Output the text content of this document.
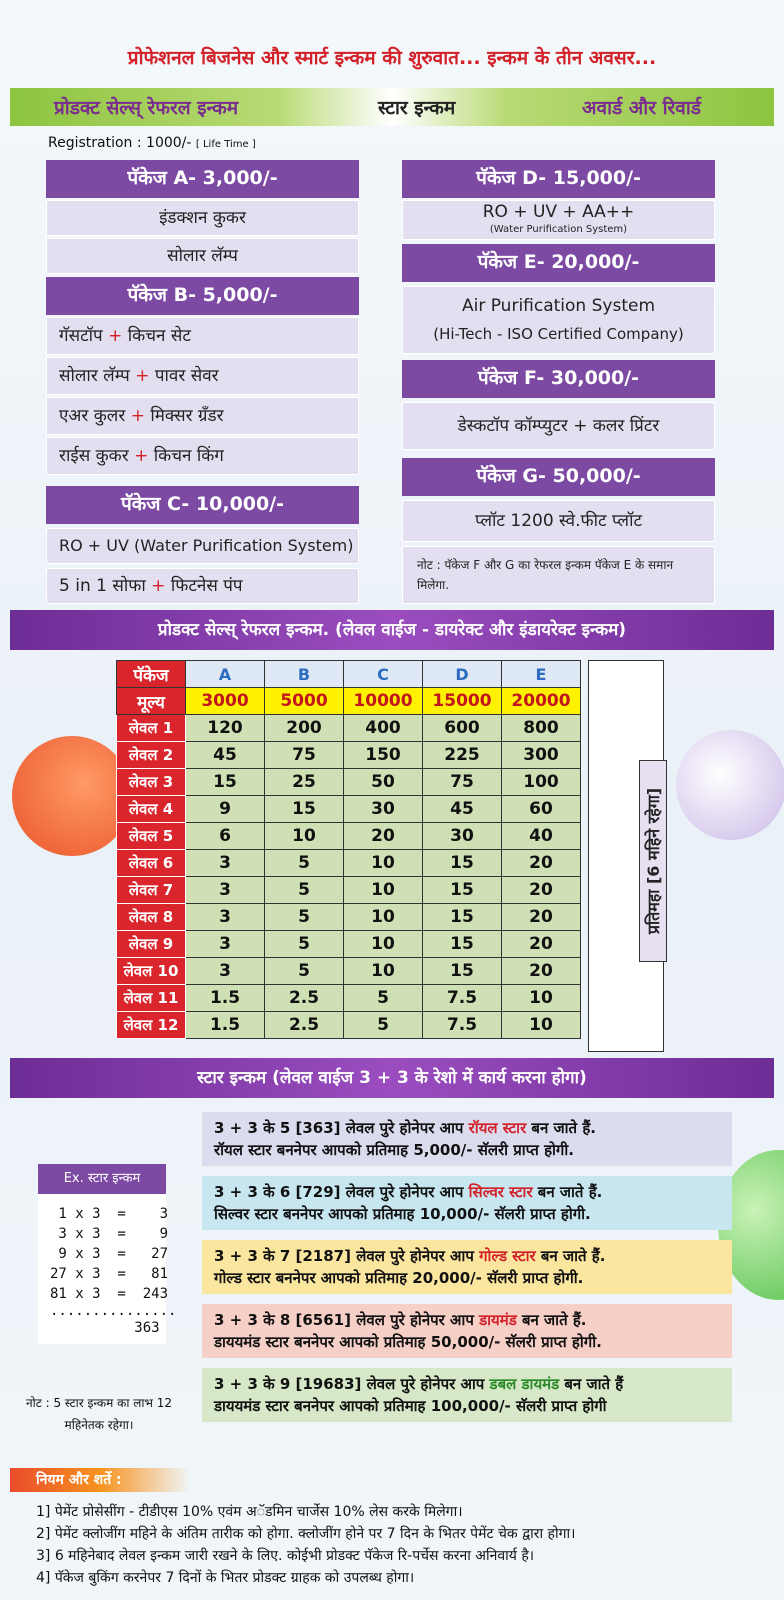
प्रोफेशनल बिजनेस और स्मार्ट इन्कम की शुरुवात... इन्कम के तीन अवसर...
प्रोडक्ट सेल्स् रेफरल इन्कम	स्टार इन्कम	अवार्ड और रिवार्ड
Registration : 1000/- [ Life Time ]
पॅकेज A- 3,000/-
इंडक्शन कुकर
सोलार लॅम्प
पॅकेज B- 5,000/-
गॅसटॉप + किचन सेट
सोलार लॅम्प + पावर सेवर
एअर कुलर + मिक्सर ग्रॅंडर
राईस कुकर + किचन किंग
पॅकेज C- 10,000/-
RO + UV (Water Purification System)
5 in 1 सोफा + फिटनेस पंप
पॅकेज D- 15,000/-
RO + UV + AA++
(Water Purification System)
पॅकेज E- 20,000/-
Air Purification System
(Hi-Tech - ISO Certified Company)
पॅकेज F- 30,000/-
डेस्कटॉप कॉम्प्युटर + कलर प्रिंटर
पॅकेज G- 50,000/-
प्लॉट 1200 स्वे.फीट प्लॉट
नोट : पॅकेज F और G का रेफरल इन्कम पॅकेज E के समान मिलेगा.
प्रोडक्ट सेल्स् रेफरल इन्कम. (लेवल वाईज - डायरेक्ट और इंडायरेक्ट इन्कम)
पॅकेज	A	B	C	D	E
मूल्य	3000	5000	10000	15000	20000
लेवल 1	120	200	400	600	800
लेवल 2	45	75	150	225	300
लेवल 3	15	25	50	75	100
लेवल 4	9	15	30	45	60
लेवल 5	6	10	20	30	40
लेवल 6	3	5	10	15	20
लेवल 7	3	5	10	15	20
लेवल 8	3	5	10	15	20
लेवल 9	3	5	10	15	20
लेवल 10	3	5	10	15	20
लेवल 11	1.5	2.5	5	7.5	10
लेवल 12	1.5	2.5	5	7.5	10
प्रतिमहा [6 महिने रहेगा]
स्टार इन्कम (लेवल वाईज 3 + 3 के रेशो में कार्य करना होगा)
3 + 3 के 5 [363] लेवल पुरे होनेपर आप रॉयल स्टार बन जाते हैं.
रॉयल स्टार बननेपर आपको प्रतिमाह 5,000/- सॅलरी प्राप्त होगी.
3 + 3 के 6 [729] लेवल पुरे होनेपर आप सिल्वर स्टार बन जाते हैं.
सिल्वर स्टार बननेपर आपको प्रतिमाह 10,000/- सॅलरी प्राप्त होगी.
3 + 3 के 7 [2187] लेवल पुरे होनेपर आप गोल्ड स्टार बन जाते हैं.
गोल्ड स्टार बननेपर आपको प्रतिमाह 20,000/- सॅलरी प्राप्त होगी.
3 + 3 के 8 [6561] लेवल पुरे होनेपर आप डायमंड बन जाते हैं.
डाययमंड स्टार बननेपर आपको प्रतिमाह 50,000/- सॅलरी प्राप्त होगी.
3 + 3 के 9 [19683] लेवल पुरे होनेपर आप डबल डायमंड बन जाते हैं
डाययमंड स्टार बननेपर आपको प्रतिमाह 100,000/- सॅलरी प्राप्त होगी
Ex. स्टार इन्कम
1 x 3  =    3
3 x 3  =    9
9 x 3  =   27
27 x 3  =   81
81 x 3  =  243
...............
363
नोट : 5 स्टार इन्कम का लाभ 12 महिनेतक रहेगा।
नियम और शर्ते :
1] पेमेंट प्रोसेसींग - टीडीएस 10% एवंम अॅडमिन चार्जेस 10% लेस करके मिलेगा।
2] पेमेंट क्लोजींग महिने के अंतिम तारीक को होगा. क्लोजींग होने पर 7 दिन के भितर पेमेंट चेक द्वारा होगा।
3] 6 महिनेबाद लेवल इन्कम जारी रखने के लिए. कोईभी प्रोडक्ट पॅकेज रि-पर्चेस करना अनिवार्य है।
4] पॅकेज बुकिंग करनेपर 7 दिनों के भितर प्रोडक्ट ग्राहक को उपलब्ध होगा।
